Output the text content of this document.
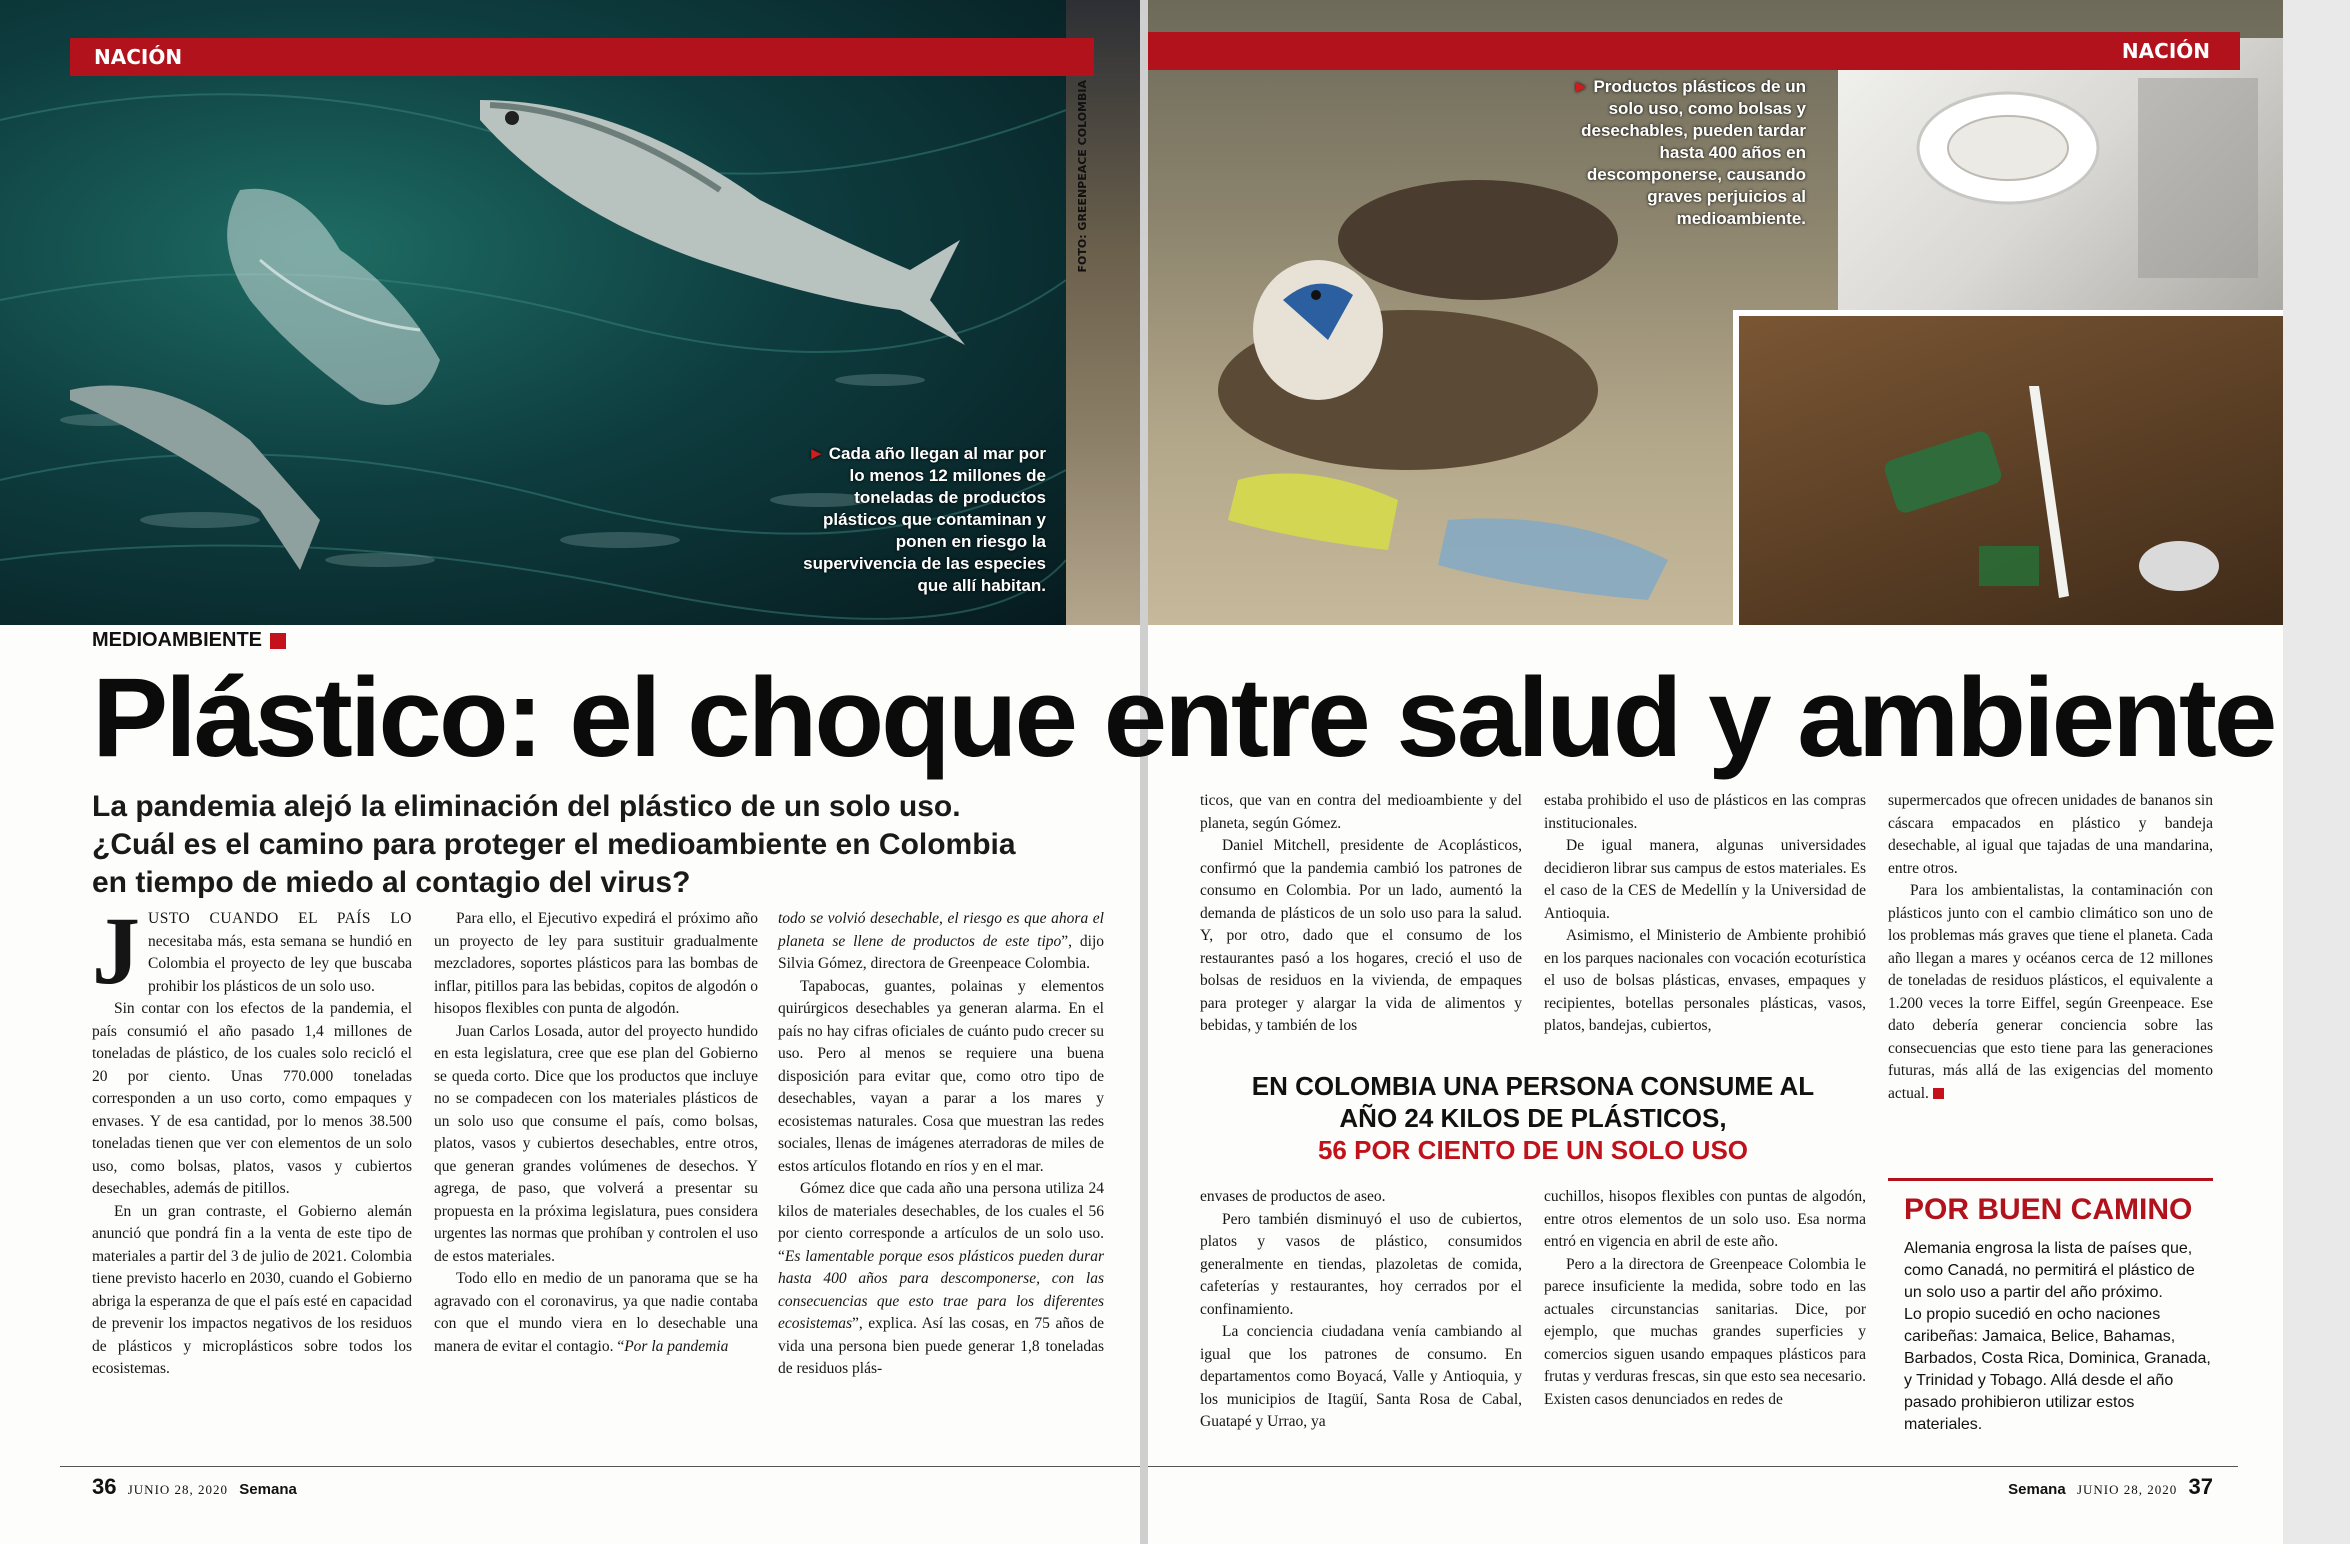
► Cada año llegan al mar por lo menos 12 millones de toneladas de productos plásticos que contaminan y ponen en riesgo la supervivencia de las especies que allí habitan.
FOTO: GREENPEACE COLOMBIA
NACIÓN
MEDIOAMBIENTE
La pandemia alejó la eliminación del plástico de un solo uso. ¿Cuál es el camino para proteger el medioambiente en Colombia en tiempo de miedo al contagio del virus?

JUSTO CUANDO EL PAÍS LO necesitaba más, esta semana se hundió en Colombia el proyecto de ley que buscaba prohibir los plásticos de un solo uso.

Sin contar con los efectos de la pandemia, el país consumió el año pasado 1,4 millones de toneladas de plástico, de los cuales solo recicló el 20 por ciento. Unas 770.000 toneladas corresponden a un uso corto, como empaques y envases. Y de esa cantidad, por lo menos 38.500 toneladas tienen que ver con elementos de un solo uso, como bolsas, platos, vasos y cubiertos desechables, además de pitillos.

En un gran contraste, el Gobierno alemán anunció que pondrá fin a la venta de este tipo de materiales a partir del 3 de julio de 2021. Colombia tiene previsto hacerlo en 2030, cuando el Gobierno abriga la esperanza de que el país esté en capacidad de prevenir los impactos negativos de los residuos de plásticos y microplásticos sobre todos los ecosistemas.

Para ello, el Ejecutivo expedirá el próximo año un proyecto de ley para sustituir gradualmente mezcladores, soportes plásticos para las bombas de inflar, pitillos para las bebidas, copitos de algodón o hisopos flexibles con punta de algodón.

Juan Carlos Losada, autor del proyecto hundido en esta legislatura, cree que ese plan del Gobierno se queda corto. Dice que los productos que incluye no se compadecen con los materiales plásticos de un solo uso que consume el país, como bolsas, platos, vasos y cubiertos desechables, entre otros, que generan grandes volúmenes de desechos. Y agrega, de paso, que volverá a presentar su propuesta en la próxima legislatura, pues considera urgentes las normas que prohíban y controlen el uso de estos materiales.

Todo ello en medio de un panorama que se ha agravado con el coronavirus, ya que nadie contaba con que el mundo viera en lo desechable una manera de evitar el contagio. “Por la pandemia

todo se volvió desechable, el riesgo es que ahora el planeta se llene de productos de este tipo”, dijo Silvia Gómez, directora de Greenpeace Colombia.

Tapabocas, guantes, polainas y elementos quirúrgicos desechables ya generan alarma. En el país no hay cifras oficiales de cuánto pudo crecer su uso. Pero al menos se requiere una buena disposición para evitar que, como otro tipo de desechables, vayan a parar a los mares y ecosistemas naturales. Cosa que muestran las redes sociales, llenas de imágenes aterradoras de miles de estos artículos flotando en ríos y en el mar.

Gómez dice que cada año una persona utiliza 24 kilos de materiales desechables, de los cuales el 56 por ciento corresponde a artículos de un solo uso. “Es lamentable porque esos plásticos pueden durar hasta 400 años para descomponerse, con las consecuencias que esto trae para los diferentes ecosistemas”, explica. Así las cosas, en 75 años de vida una persona bien puede generar 1,8 toneladas de residuos plás-

36 JUNIO 28, 2020 Semana
NACIÓN
► Productos plásticos de un solo uso, como bolsas y desechables, pueden tardar hasta 400 años en descomponerse, causando graves perjuicios al medioambiente.

ticos, que van en contra del medioambiente y del planeta, según Gómez.

Daniel Mitchell, presidente de Acoplásticos, confirmó que la pandemia cambió los patrones de consumo en Colombia. Por un lado, aumentó la demanda de plásticos de un solo uso para la salud. Y, por otro, dado que el consumo de los restaurantes pasó a los hogares, creció el uso de bolsas de residuos en la vivienda, de empaques para proteger y alargar la vida de alimentos y bebidas, y también de los

estaba prohibido el uso de plásticos en las compras institucionales.

De igual manera, algunas universidades decidieron librar sus campus de estos materiales. Es el caso de la CES de Medellín y la Universidad de Antioquia.

Asimismo, el Ministerio de Ambiente prohibió en los parques nacionales con vocación ecoturística el uso de bolsas plásticas, envases, empaques y recipientes, botellas personales plásticas, vasos, platos, bandejas, cubiertos,

EN COLOMBIA UNA PERSONA CONSUME AL
AÑO 24 KILOS DE PLÁSTICOS,
56 POR CIENTO DE UN SOLO USO

envases de productos de aseo.

Pero también disminuyó el uso de cubiertos, platos y vasos de plástico, consumidos generalmente en tiendas, plazoletas de comida, cafeterías y restaurantes, hoy cerrados por el confinamiento.

La conciencia ciudadana venía cambiando al igual que los patrones de consumo. En departamentos como Boyacá, Valle y Antioquia, y los municipios de Itagüí, Santa Rosa de Cabal, Guatapé y Urrao, ya

cuchillos, hisopos flexibles con puntas de algodón, entre otros elementos de un solo uso. Esa norma entró en vigencia en abril de este año.

Pero a la directora de Greenpeace Colombia le parece insuficiente la medida, sobre todo en las actuales circunstancias sanitarias. Dice, por ejemplo, que muchas grandes superficies y comercios siguen usando empaques plásticos para frutas y verduras frescas, sin que esto sea necesario. Existen casos denunciados en redes de

supermercados que ofrecen unidades de bananos sin cáscara empacados en plástico y bandeja desechable, al igual que tajadas de una mandarina, entre otros.

Para los ambientalistas, la contaminación con plásticos junto con el cambio climático son uno de los problemas más graves que tiene el planeta. Cada año llegan a mares y océanos cerca de 12 millones de toneladas de residuos plásticos, el equivalente a 1.200 veces la torre Eiffel, según Greenpeace. Ese dato debería generar conciencia sobre las consecuencias que esto tiene para las generaciones futuras, más allá de las exigencias del momento actual.

POR BUEN CAMINO
Alemania engrosa la lista de países que, como Canadá, no permitirá el plástico de un solo uso a partir del año próximo.
Lo propio sucedió en ocho naciones caribeñas: Jamaica, Belice, Bahamas, Barbados, Costa Rica, Dominica, Granada, y Trinidad y Tobago. Allá desde el año pasado prohibieron utilizar estos materiales.
Semana JUNIO 28, 2020 37
Plástico: el choque entre salud y ambiente
